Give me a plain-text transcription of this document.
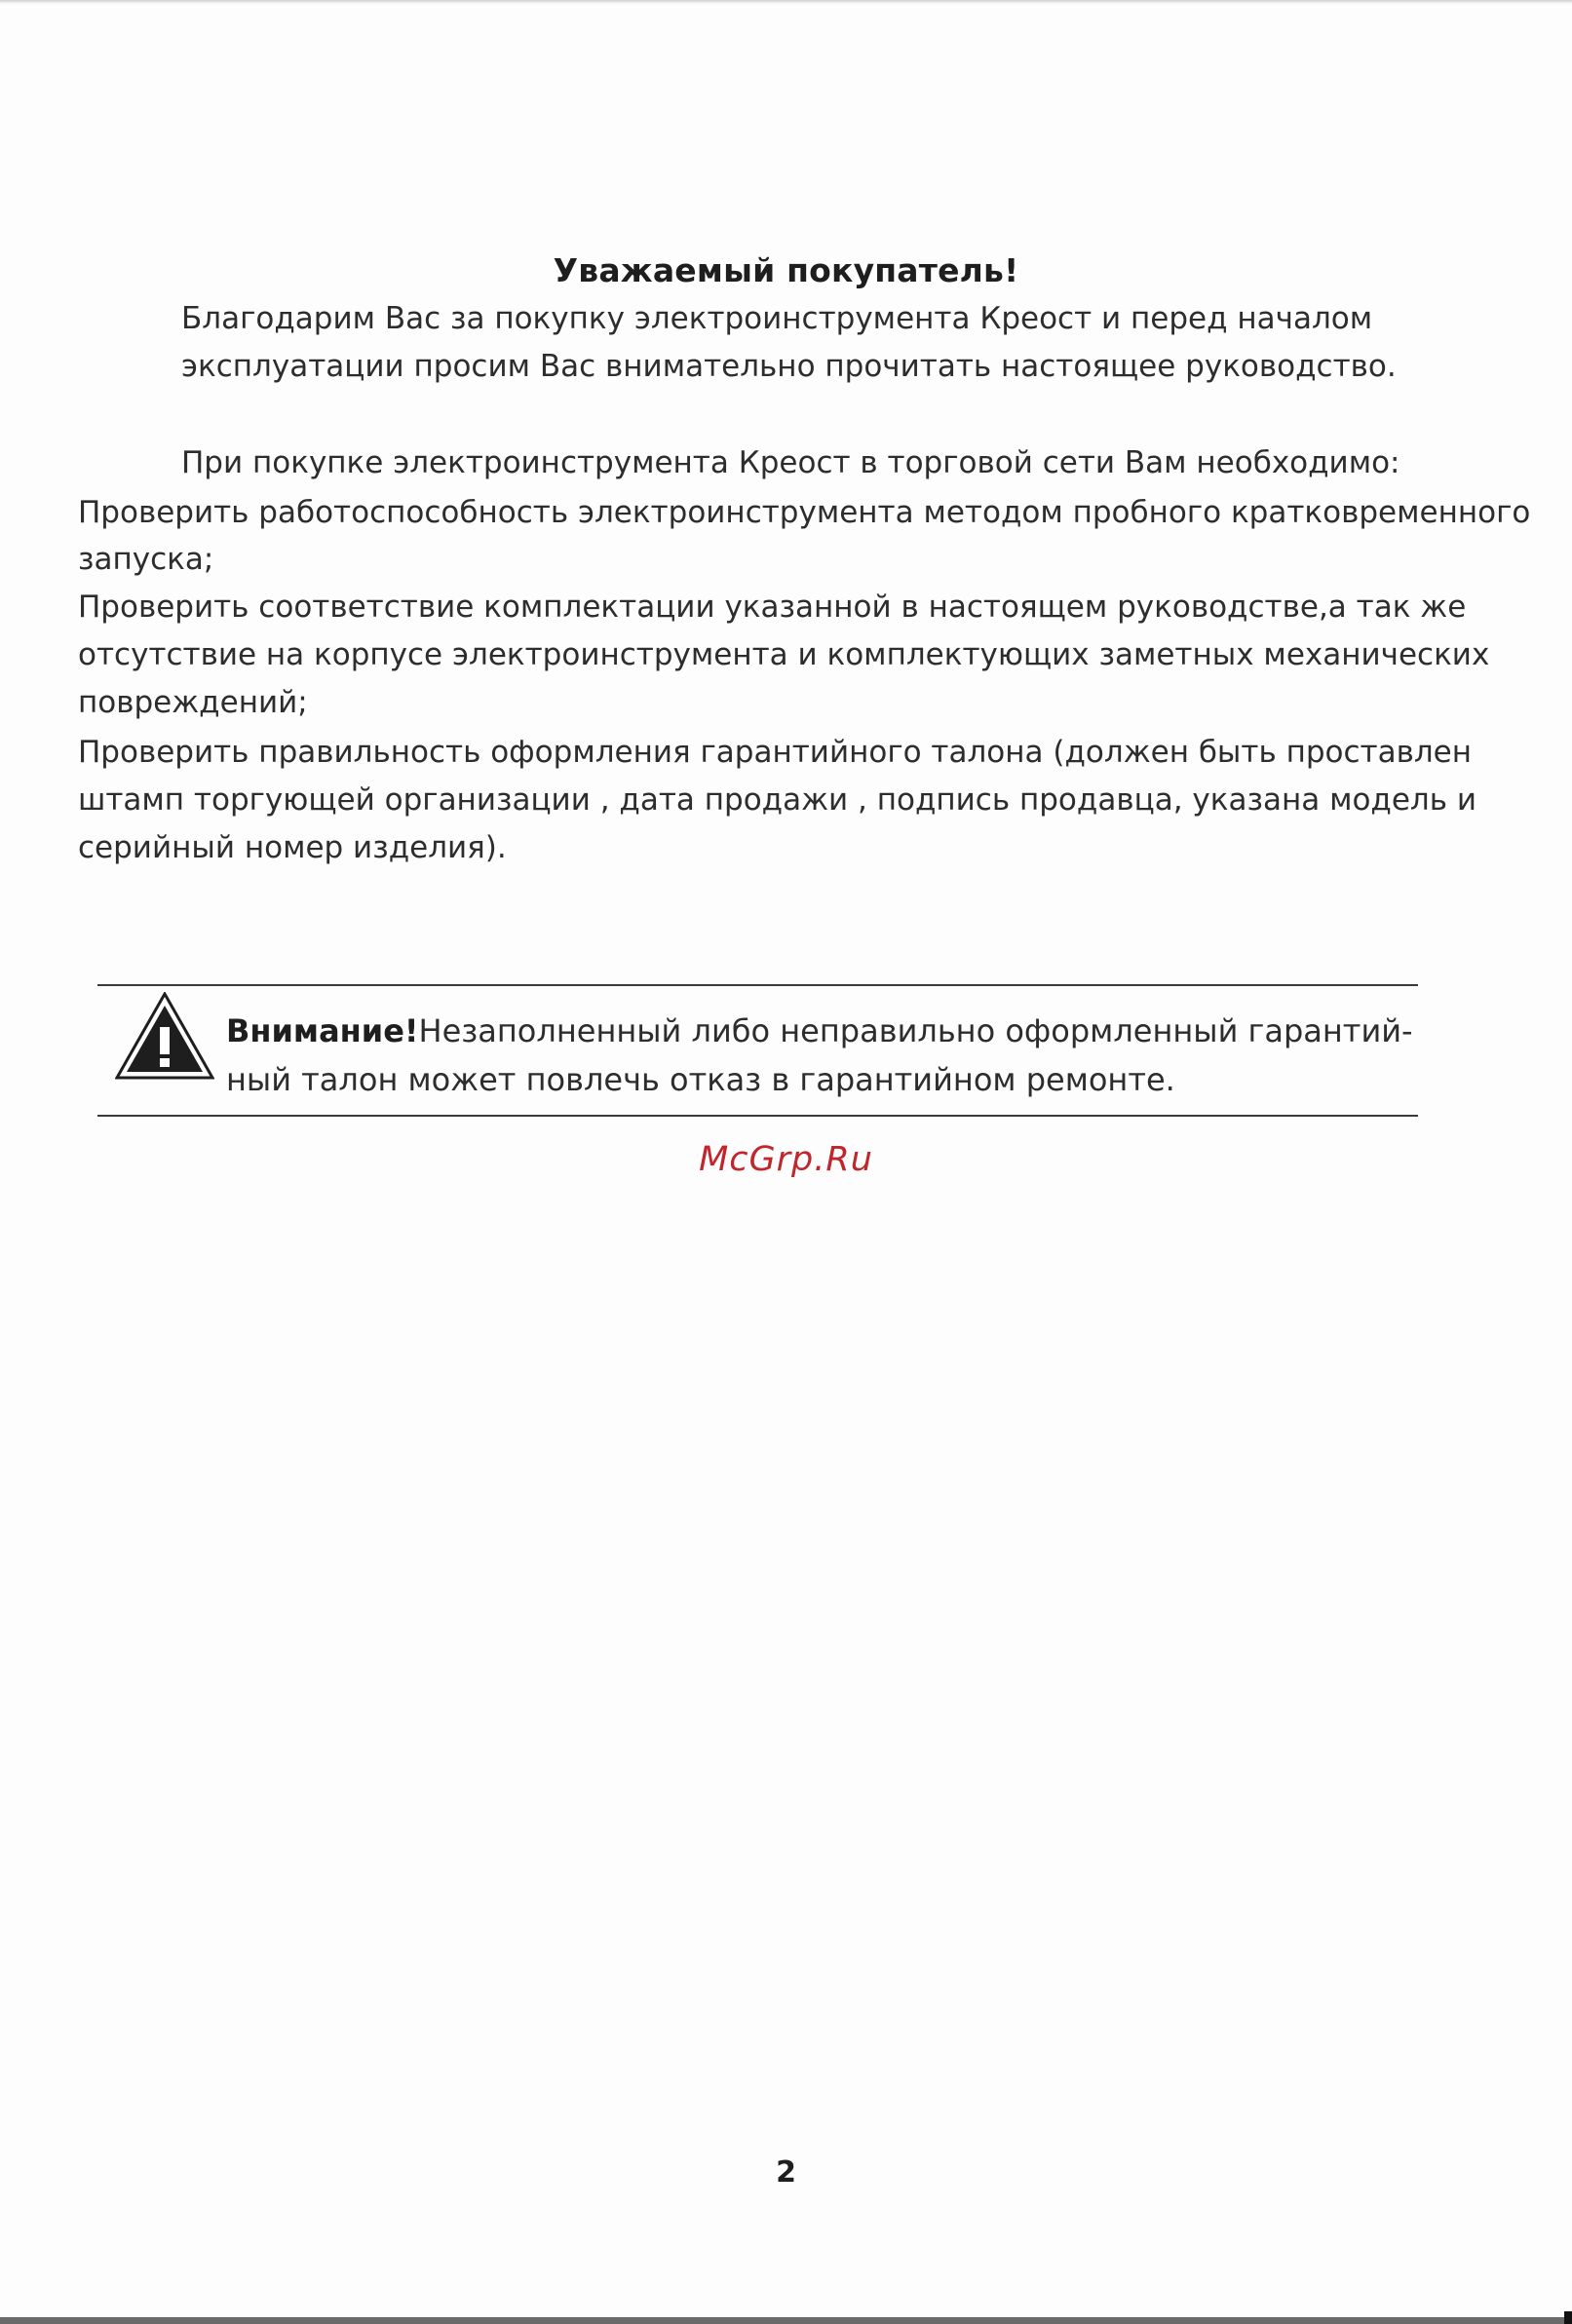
Уважаемый покупатель!
Благодарим Вас за покупку электроинструмента Креост и перед началом
эксплуатации просим Вас внимательно прочитать настоящее руководство.
При покупке электроинструмента Креост в торговой сети Вам необходимо:
Проверить работоспособность электроинструмента методом пробного кратковременного
запуска;
Проверить соответствие комплектации указанной в настоящем руководстве,а так же
отсутствие на корпусе электроинструмента и комплектующих заметных механических
повреждений;
Проверить правильность оформления гарантийного талона (должен быть проставлен
штамп торгующей организации , дата продажи , подпись продавца, указана модель и
серийный номер изделия).
Внимание!Незаполненный либо неправильно оформленный гарантий-
ный талон может повлечь отказ в гарантийном ремонте.
McGrp.Ru
2
